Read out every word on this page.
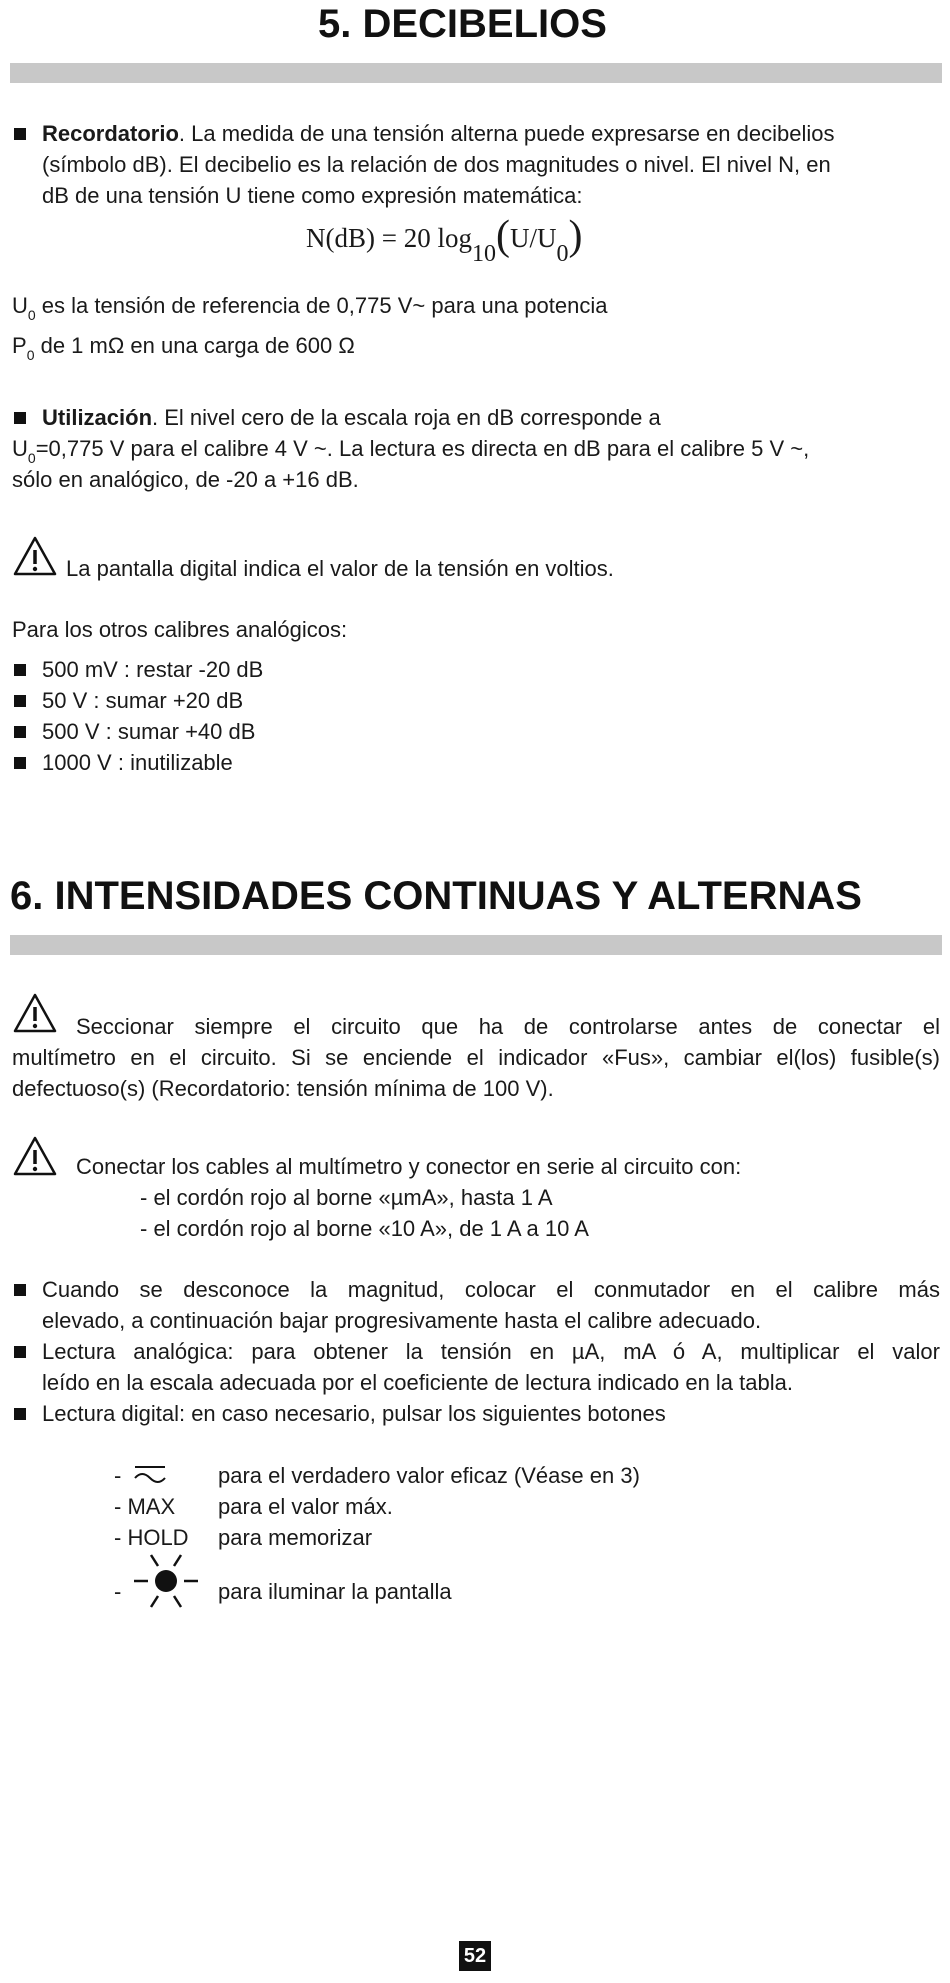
5. DECIBELIOS
Recordatorio. La medida de una tensión alterna puede expresarse en decibelios
(símbolo dB). El decibelio es la relación de dos magnitudes o nivel. El nivel N, en
dB de una tensión U tiene como expresión matemática:
N(dB) = 20 log10(U/U0)
$U_0$ es la tensión de referencia de 0,775 V~ para una potencia
$P_0$ de 1 mΩ en una carga de 600 Ω
Utilización. El nivel cero de la escala roja en dB corresponde a
$U_0=0,775$ V para el calibre 4 V ~. La lectura es directa en dB para el calibre 5 V ~,
sólo en analógico, de -20 a +16 dB.
La pantalla digital indica el valor de la tensión en voltios.
Para los otros calibres analógicos:
500 mV : restar -20 dB
50 V : sumar +20 dB
500 V : sumar +40 dB
1000 V : inutilizable
6. INTENSIDADES CONTINUAS Y ALTERNAS
Seccionar siempre el circuito que ha de controlarse antes de conectar el
multímetro en el circuito. Si se enciende el indicador «Fus», cambiar el(los) fusible(s)
defectuoso(s) (Recordatorio: tensión mínima de 100 V).
Conectar los cables al multímetro y conector en serie al circuito con:
- el cordón rojo al borne «µmA», hasta 1 A
- el cordón rojo al borne «10 A», de 1 A a 10 A
Cuando se desconoce la magnitud, colocar el conmutador en el calibre más
elevado, a continuación bajar progresivamente hasta el calibre adecuado.
Lectura analógica: para obtener la tensión en µA, mA ó A, multiplicar el valor
leído en la escala adecuada por el coeficiente de lectura indicado en la tabla.
Lectura digital: en caso necesario, pulsar los siguientes botones
-	para el verdadero valor eficaz (Véase en 3)
- MAX para el valor máx.
- HOLD para memorizar
-	para iluminar la pantalla
52
